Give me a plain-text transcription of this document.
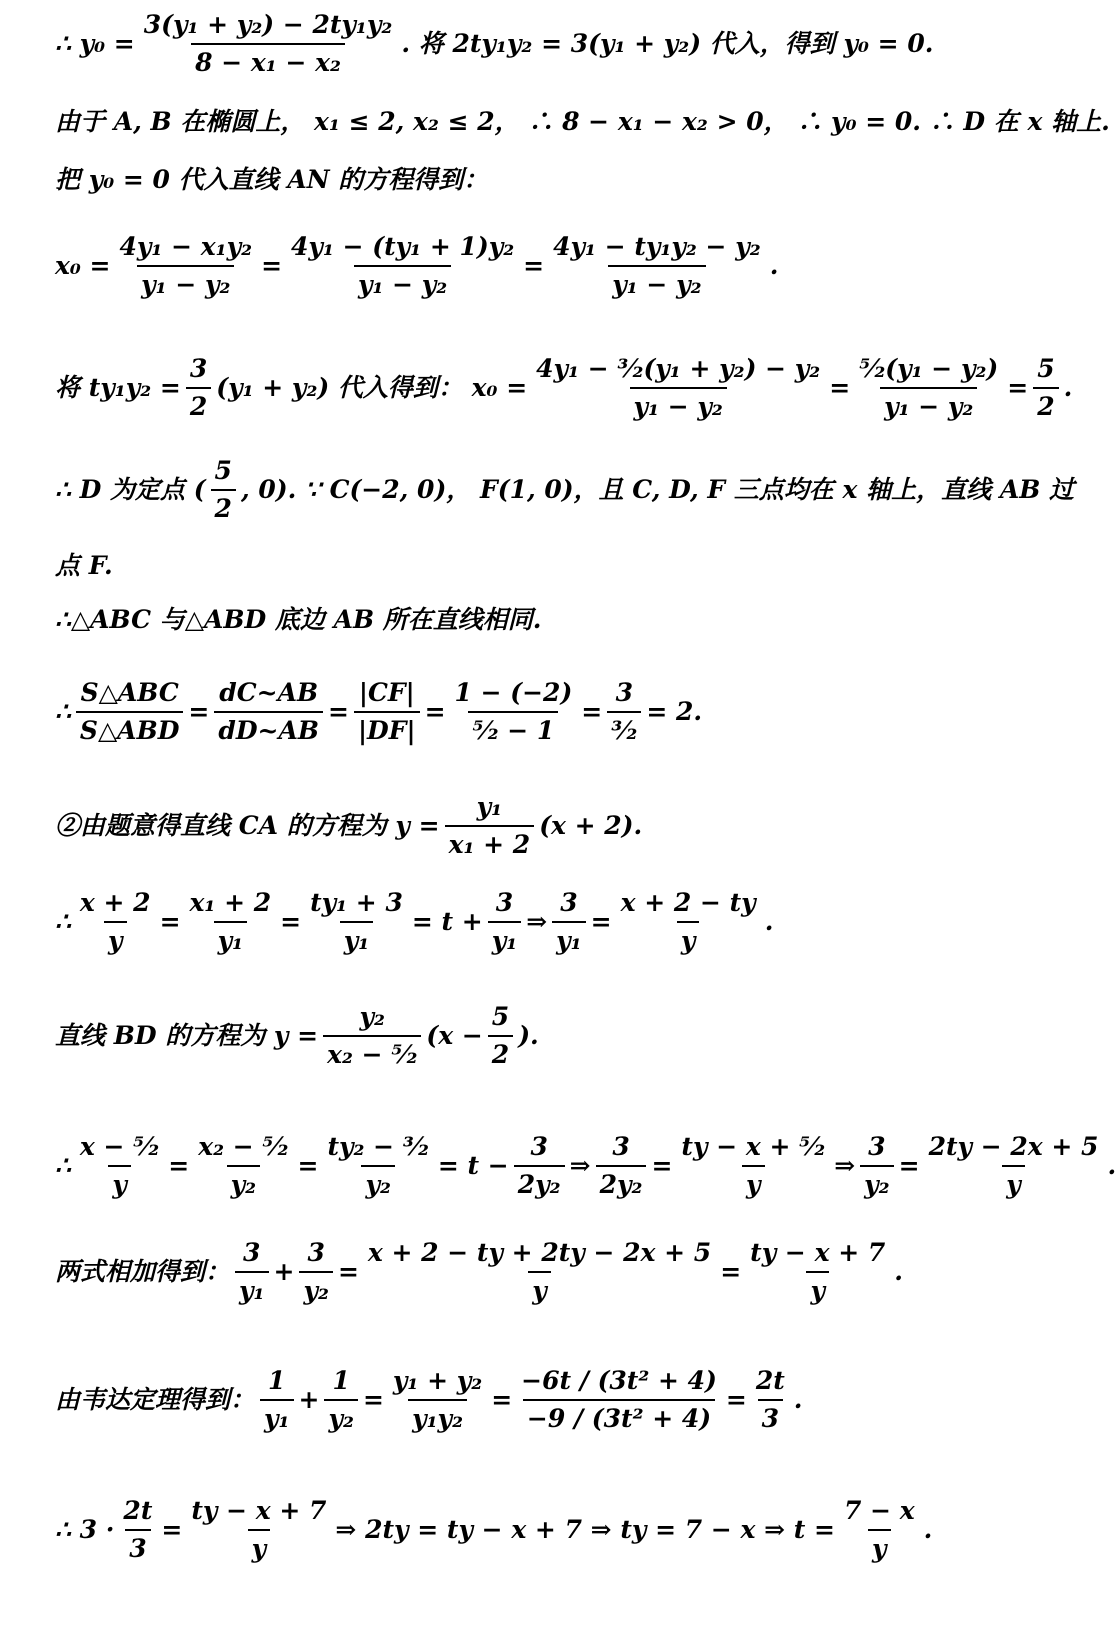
∴ $y_0 = \frac{\text{3(y₁ + y₂) − 2ty₁y₂}}{\text{8 − x₁ − x₂}}$ . 将 2ty₁y₂ = 3(y₁ + y₂) 代入，得到 y₀ = 0.
由于 A, B 在椭圆上， x₁ ≤ 2, x₂ ≤ 2， ∴ 8 − x₁ − x₂ > 0， ∴ y₀ = 0. ∴ D 在 x 轴上.
把 y₀ = 0 代入直线 AN 的方程得到：
$x_0 = \frac{\text{4y₁ − x₁y₂}}{\text{y₁ − y₂}} = \frac{\text{4y₁ − (ty₁ + 1)y₂}}{\text{y₁ − y₂}} = \frac{\text{4y₁ − ty₁y₂ − y₂}}{\text{y₁ − y₂}}$ .
将 $ty_1y_2 = \frac{3}{2} (y_1 + y_2)$ 代入得到： $x_0 = \frac{\text{4y₁ − ³⁄₂(y₁ + y₂) − y₂}}{\text{y₁ − y₂}} = \frac{\text{⁵⁄₂(y₁ − y₂)}}{\text{y₁ − y₂}} = \frac{5}{2}$ .
∴ D 为定点 ( $\frac{5}{2}$ , 0). ∵ C(−2, 0)， F(1, 0)，且 C, D, F 三点均在 x 轴上，直线 AB 过
点 F.
∴△ABC 与△ABD 底边 AB 所在直线相同.
∴ $\frac{\text{S△ABC}}{\text{S△ABD}} = \frac{dC\sim AB}{dD\sim AB} = \frac{|CF|}{|DF|} = \frac{1 - (-2)}{\text{⁵⁄₂ − 1}} = \frac{3}{\text{³⁄₂}} = 2$.
②由题意得直线 CA 的方程为 $y = \frac{\text{y₁}}{\text{x₁ + 2}} (x + 2)$.
∴ $\frac{x + 2}{y} = \frac{\text{x₁ + 2}}{\text{y₁}} = \frac{\text{ty₁ + 3}}{\text{y₁}} = t + \frac{3}{\text{y₁}}$ ⇒ $\frac{3}{\text{y₁}} = \frac{x + 2 - ty}{y}$ .
直线 BD 的方程为 $y = \frac{\text{y₂}}{\text{x₂ − ⁵⁄₂}} (x - \frac{5}{2}$ ).
∴ $\frac{\text{x − ⁵⁄₂}}{y} = \frac{\text{x₂ − ⁵⁄₂}}{\text{y₂}} = \frac{\text{ty₂ − ³⁄₂}}{\text{y₂}} = t - \frac{3}{\text{2y₂}}$ ⇒ $\frac{3}{\text{2y₂}} = \frac{\text{ty − x + ⁵⁄₂}}{y}$ ⇒ $\frac{3}{\text{y₂}} = \frac{2ty - 2x + 5}{y}$ .
两式相加得到： $\frac{3}{\text{y₁}} + \frac{3}{\text{y₂}} = \frac{x + 2 - ty + 2ty - 2x + 5}{y} = \frac{ty - x + 7}{y}$ .
由韦达定理得到： $\frac{1}{\text{y₁}} + \frac{1}{\text{y₂}} = \frac{\text{y₁ + y₂}}{\text{y₁y₂}} = \frac{\text{−6t / (3t² + 4)}}{\text{−9 / (3t² + 4)}} = \frac{2t}{3}$ .
∴ $3 \cdot \frac{2t}{3} = \frac{ty - x + 7}{y}$ ⇒ 2ty = ty − x + 7 ⇒ ty = 7 − x ⇒ $t = \frac{7 - x}{y}$ .
